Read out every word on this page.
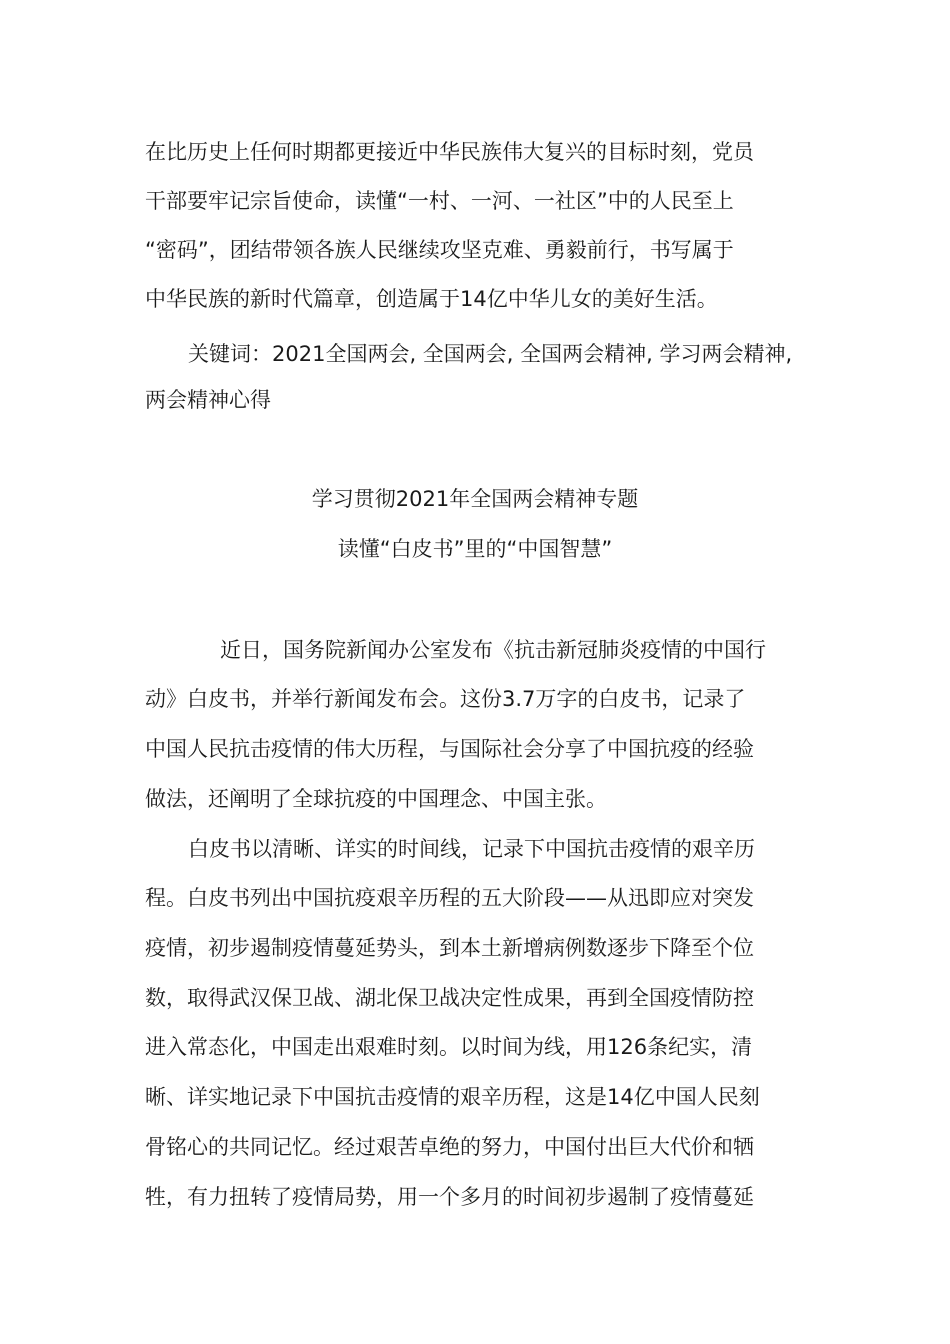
在比历史上任何时期都更接近中华民族伟大复兴的目标时刻，党员
干部要牢记宗旨使命，读懂“一村、一河、一社区”中的人民至上
“密码”，团结带领各族人民继续攻坚克难、勇毅前行，书写属于
中华民族的新时代篇章，创造属于14亿中华儿女的美好生活。
关键词：2021全国两会, 全国两会, 全国两会精神, 学习两会精神,
两会精神心得
学习贯彻2021年全国两会精神专题
读懂“白皮书”里的“中国智慧”
近日，国务院新闻办公室发布《抗击新冠肺炎疫情的中国行
动》白皮书，并举行新闻发布会。这份3.7万字的白皮书，记录了
中国人民抗击疫情的伟大历程，与国际社会分享了中国抗疫的经验
做法，还阐明了全球抗疫的中国理念、中国主张。
白皮书以清晰、详实的时间线，记录下中国抗击疫情的艰辛历
程。白皮书列出中国抗疫艰辛历程的五大阶段——从迅即应对突发
疫情，初步遏制疫情蔓延势头，到本土新增病例数逐步下降至个位
数，取得武汉保卫战、湖北保卫战决定性成果，再到全国疫情防控
进入常态化，中国走出艰难时刻。以时间为线，用126条纪实，清
晰、详实地记录下中国抗击疫情的艰辛历程，这是14亿中国人民刻
骨铭心的共同记忆。经过艰苦卓绝的努力，中国付出巨大代价和牺
牲，有力扭转了疫情局势，用一个多月的时间初步遏制了疫情蔓延
